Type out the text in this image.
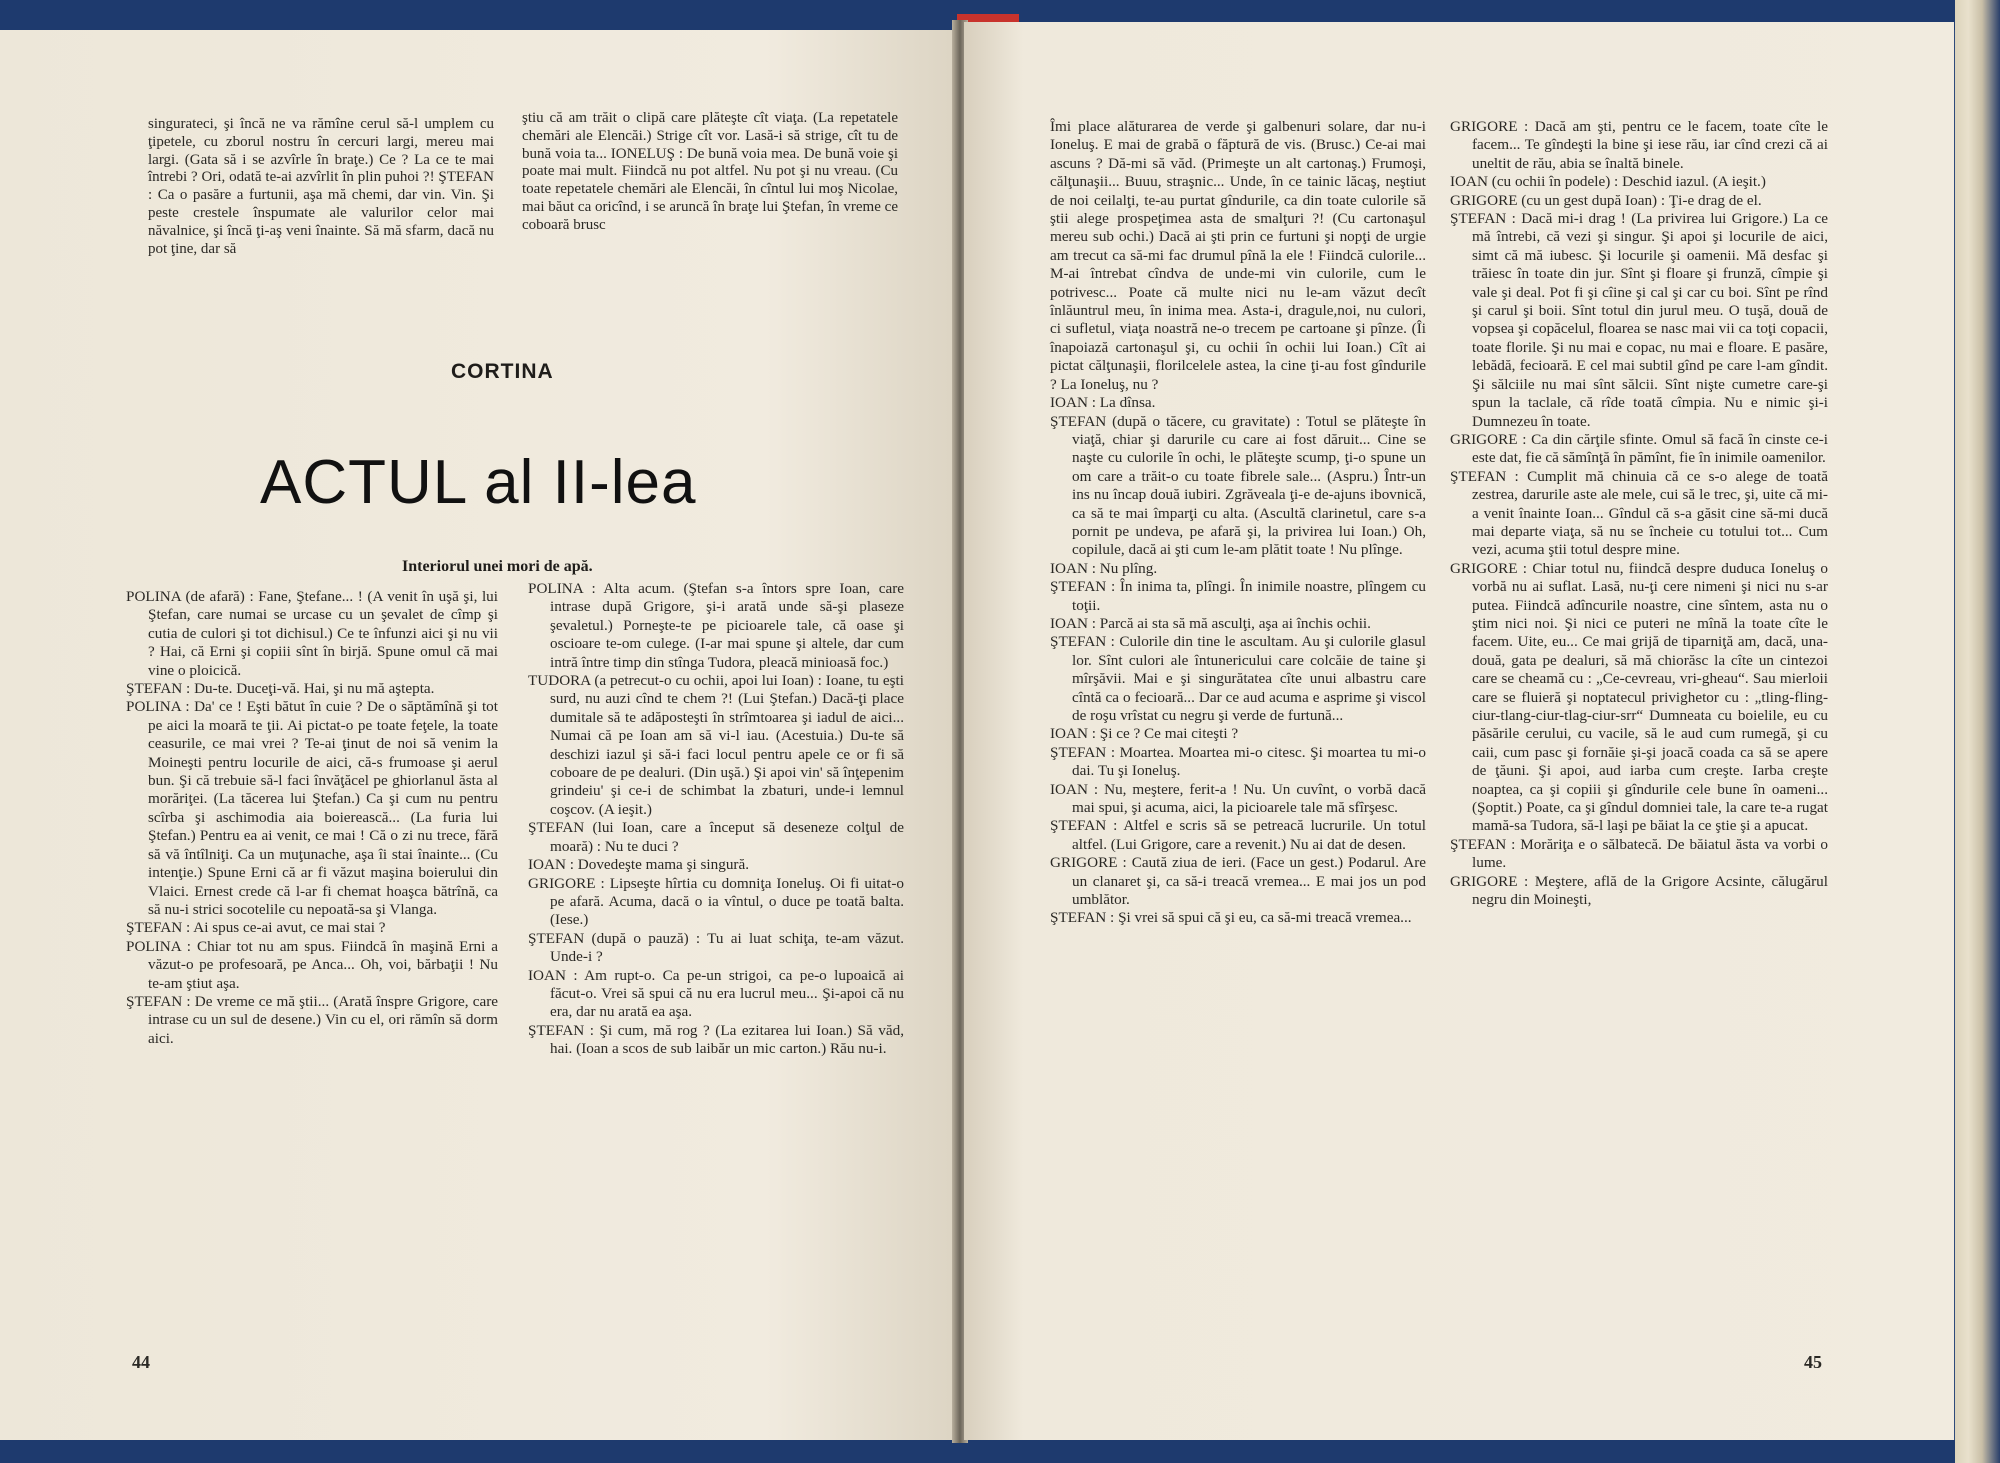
singurateci, şi încă ne va rămîne cerul să-l umplem cu ţipetele, cu zborul nostru în cercuri largi, mereu mai largi. (Gata să i se azvîrle în braţe.) Ce ? La ce te mai întrebi ? Ori, odată te-ai azvîrlit în plin puhoi ?! ŞTEFAN : Ca o pasăre a furtunii, aşa mă chemi, dar vin. Vin. Şi peste crestele înspumate ale valurilor celor mai năvalnice, şi încă ţi-aş veni înainte. Să mă sfarm, dacă nu pot ţine, dar să

ştiu că am trăit o clipă care plăteşte cît viaţa. (La repetatele chemări ale Elencăi.) Strige cît vor. Lasă-i să strige, cît tu de bună voia ta... IONELUŞ : De bună voia mea. De bună voie şi poate mai mult. Fiindcă nu pot altfel. Nu pot şi nu vreau. (Cu toate repetatele chemări ale Elencăi, în cîntul lui moş Nicolae, mai băut ca oricînd, i se aruncă în braţe lui Ştefan, în vreme ce coboară brusc

CORTINA
ACTUL al II-lea
Interiorul unei mori de apă.

POLINA (de afară) : Fane, Ştefane... ! (A venit în uşă şi, lui Ştefan, care numai se urcase cu un şevalet de cîmp şi cutia de culori şi tot dichisul.) Ce te înfunzi aici şi nu vii ? Hai, că Erni şi copiii sînt în birjă. Spune omul că mai vine o ploicică.

ŞTEFAN : Du-te. Duceţi-vă. Hai, şi nu mă aştepta.

POLINA : Da' ce ! Eşti bătut în cuie ? De o săptămînă şi tot pe aici la moară te ţii. Ai pictat-o pe toate feţele, la toate ceasurile, ce mai vrei ? Te-ai ţinut de noi să venim la Moineşti pentru locurile de aici, că-s frumoase şi aerul bun. Şi că trebuie să-l faci învăţăcel pe ghiorlanul ăsta al morăriţei. (La tăcerea lui Ştefan.) Ca şi cum nu pentru scîrba şi aschimodia aia boierească... (La furia lui Ştefan.) Pentru ea ai venit, ce mai ! Că o zi nu trece, fără să vă întîlniţi. Ca un muţunache, aşa îi stai înainte... (Cu intenţie.) Spune Erni că ar fi văzut maşina boierului din Vlaici. Ernest crede că l-ar fi chemat hoaşca bătrînă, ca să nu-i strici socotelile cu nepoată-sa şi Vlanga.

ŞTEFAN : Ai spus ce-ai avut, ce mai stai ?

POLINA : Chiar tot nu am spus. Fiindcă în maşină Erni a văzut-o pe profesoară, pe Anca... Oh, voi, bărbaţii ! Nu te-am ştiut aşa.

ŞTEFAN : De vreme ce mă ştii... (Arată înspre Grigore, care intrase cu un sul de desene.) Vin cu el, ori rămîn să dorm aici.

POLINA : Alta acum. (Ştefan s-a întors spre Ioan, care intrase după Grigore, şi-i arată unde să-şi plaseze şevaletul.) Porneşte-te pe picioarele tale, că oase şi oscioare te-om culege. (I-ar mai spune şi altele, dar cum intră între timp din stînga Tudora, pleacă minioasă foc.)

TUDORA (a petrecut-o cu ochii, apoi lui Ioan) : Ioane, tu eşti surd, nu auzi cînd te chem ?! (Lui Ştefan.) Dacă-ţi place dumitale să te adăposteşti în strîmtoarea şi iadul de aici... Numai că pe Ioan am să vi-l iau. (Acestuia.) Du-te să deschizi iazul şi să-i faci locul pentru apele ce or fi să coboare de pe dealuri. (Din uşă.) Şi apoi vin' să înţepenim grindeiu' şi ce-i de schimbat la zbaturi, unde-i lemnul coşcov. (A ieşit.)

ŞTEFAN (lui Ioan, care a început să deseneze colţul de moară) : Nu te duci ?

IOAN : Dovedeşte mama şi singură.

GRIGORE : Lipseşte hîrtia cu domniţa Ioneluş. Oi fi uitat-o pe afară. Acuma, dacă o ia vîntul, o duce pe toată balta. (Iese.)

ŞTEFAN (după o pauză) : Tu ai luat schiţa, te-am văzut. Unde-i ?

IOAN : Am rupt-o. Ca pe-un strigoi, ca pe-o lupoaică ai făcut-o. Vrei să spui că nu era lucrul meu... Şi-apoi că nu era, dar nu arată ea aşa.

ŞTEFAN : Şi cum, mă rog ? (La ezitarea lui Ioan.) Să văd, hai. (Ioan a scos de sub laibăr un mic carton.) Rău nu-i.

44

Îmi place alăturarea de verde şi galbenuri solare, dar nu-i Ioneluş. E mai de grabă o făptură de vis. (Brusc.) Ce-ai mai ascuns ? Dă-mi să văd. (Primeşte un alt cartonaş.) Frumoşi, călţunaşii... Buuu, straşnic... Unde, în ce tainic lăcaş, neştiut de noi ceilalţi, te-au purtat gîndurile, ca din toate culorile să ştii alege prospeţimea asta de smalţuri ?! (Cu cartonaşul mereu sub ochi.) Dacă ai şti prin ce furtuni şi nopţi de urgie am trecut ca să-mi fac drumul pînă la ele ! Fiindcă culorile... M-ai întrebat cîndva de unde-mi vin culorile, cum le potrivesc... Poate că multe nici nu le-am văzut decît înlăuntrul meu, în inima mea. Asta-i, dragule,noi, nu culori, ci sufletul, viaţa noastră ne-o trecem pe cartoane şi pînze. (Îi înapoiază cartonaşul şi, cu ochii în ochii lui Ioan.) Cît ai pictat călţunaşii, florilcelele astea, la cine ţi-au fost gîndurile ? La Ioneluş, nu ?

IOAN : La dînsa.

ŞTEFAN (după o tăcere, cu gravitate) : Totul se plăteşte în viaţă, chiar şi darurile cu care ai fost dăruit... Cine se naşte cu culorile în ochi, le plăteşte scump, ţi-o spune un om care a trăit-o cu toate fibrele sale... (Aspru.) Într-un ins nu încap două iubiri. Zgrăveala ţi-e de-ajuns ibovnică, ca să te mai împarţi cu alta. (Ascultă clarinetul, care s-a pornit pe undeva, pe afară şi, la privirea lui Ioan.) Oh, copilule, dacă ai şti cum le-am plătit toate ! Nu plînge.

IOAN : Nu plîng.

ŞTEFAN : În inima ta, plîngi. În inimile noastre, plîngem cu toţii.

IOAN : Parcă ai sta să mă asculţi, aşa ai închis ochii.

ŞTEFAN : Culorile din tine le ascultam. Au şi culorile glasul lor. Sînt culori ale întunericului care colcăie de taine şi mîrşăvii. Mai e şi singurătatea cîte unui albastru care cîntă ca o fecioară... Dar ce aud acuma e asprime şi viscol de roşu vrîstat cu negru şi verde de furtună...

IOAN : Şi ce ? Ce mai citeşti ?

ŞTEFAN : Moartea. Moartea mi-o citesc. Şi moartea tu mi-o dai. Tu şi Ioneluş.

IOAN : Nu, meştere, ferit-a ! Nu. Un cuvînt, o vorbă dacă mai spui, şi acuma, aici, la picioarele tale mă sfîrşesc.

ŞTEFAN : Altfel e scris să se petreacă lucrurile. Un totul altfel. (Lui Grigore, care a revenit.) Nu ai dat de desen.

GRIGORE : Caută ziua de ieri. (Face un gest.) Podarul. Are un clanaret şi, ca să-i treacă vremea... E mai jos un pod umblător.

ŞTEFAN : Şi vrei să spui că şi eu, ca să-mi treacă vremea...

GRIGORE : Dacă am şti, pentru ce le facem, toate cîte le facem... Te gîndeşti la bine şi iese rău, iar cînd crezi că ai uneltit de rău, abia se înaltă binele.

IOAN (cu ochii în podele) : Deschid iazul. (A ieşit.)

GRIGORE (cu un gest după Ioan) : Ţi-e drag de el.

ŞTEFAN : Dacă mi-i drag ! (La privirea lui Grigore.) La ce mă întrebi, că vezi şi singur. Şi apoi şi locurile de aici, simt că mă iubesc. Şi locurile şi oamenii. Mă desfac şi trăiesc în toate din jur. Sînt şi floare şi frunză, cîmpie şi vale şi deal. Pot fi şi cîine şi cal şi car cu boi. Sînt pe rînd şi carul şi boii. Sînt totul din jurul meu. O tuşă, două de vopsea şi copăcelul, floarea se nasc mai vii ca toţi copacii, toate florile. Şi nu mai e copac, nu mai e floare. E pasăre, lebădă, fecioară. E cel mai subtil gînd pe care l-am gîndit. Şi sălciile nu mai sînt sălcii. Sînt nişte cumetre care-şi spun la taclale, că rîde toată cîmpia. Nu e nimic şi-i Dumnezeu în toate.

GRIGORE : Ca din cărţile sfinte. Omul să facă în cinste ce-i este dat, fie că sămînţă în pămînt, fie în inimile oamenilor.

ŞTEFAN : Cumplit mă chinuia că ce s-o alege de toată zestrea, darurile aste ale mele, cui să le trec, şi, uite că mi-a venit înainte Ioan... Gîndul că s-a găsit cine să-mi ducă mai departe viaţa, să nu se încheie cu totului tot... Cum vezi, acuma ştii totul despre mine.

GRIGORE : Chiar totul nu, fiindcă despre duduca Ioneluş o vorbă nu ai suflat. Lasă, nu-ţi cere nimeni şi nici nu s-ar putea. Fiindcă adîncurile noastre, cine sîntem, asta nu o ştim nici noi. Şi nici ce puteri ne mînă la toate cîte le facem. Uite, eu... Ce mai grijă de tiparniţă am, dacă, una-două, gata pe dealuri, să mă chiorăsc la cîte un cintezoi care se cheamă cu : „Ce-cevreau, vri-gheau“. Sau mierloii care se fluieră şi noptatecul privighetor cu : „tling-fling-ciur-tlang-ciur-tlag-ciur-srr“ Dumneata cu boielile, eu cu păsările cerului, cu vacile, să le aud cum rumegă, şi cu caii, cum pasc şi fornăie şi-şi joacă coada ca să se apere de ţăuni. Şi apoi, aud iarba cum creşte. Iarba creşte noaptea, ca şi copiii şi gîndurile cele bune în oameni... (Şoptit.) Poate, ca şi gîndul domniei tale, la care te-a rugat mamă-sa Tudora, să-l laşi pe băiat la ce ştie şi a apucat.

ŞTEFAN : Morăriţa e o sălbatecă. De băiatul ăsta va vorbi o lume.

GRIGORE : Meştere, află de la Grigore Acsinte, călugărul negru din Moineşti,

45
